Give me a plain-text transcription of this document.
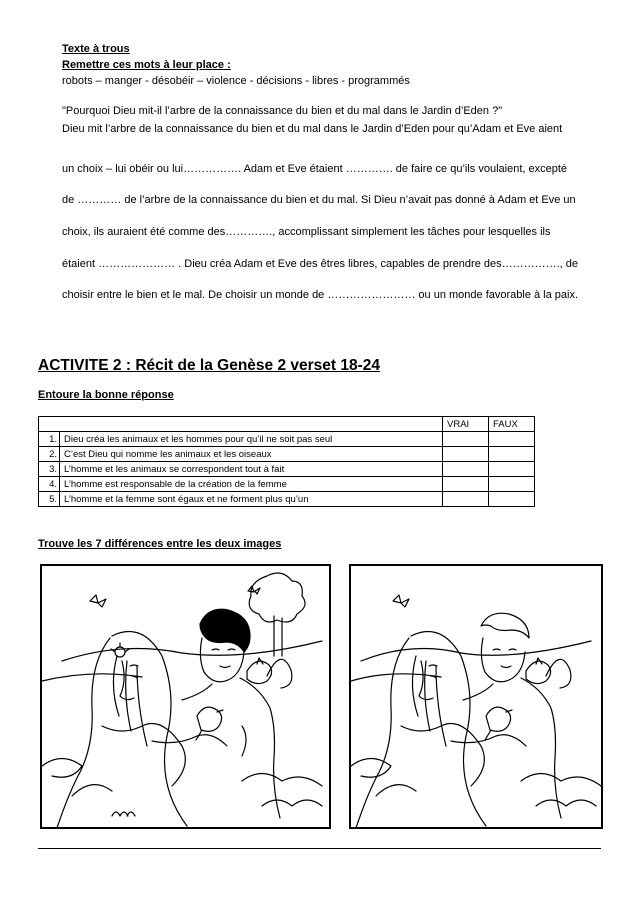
Texte à trous
Remettre ces mots à leur place :
robots – manger - désobéir – violence - décisions - libres - programmés
"Pourquoi Dieu mit-il l’arbre de la connaissance du bien et du mal dans le Jardin d’Eden ?"
Dieu mit l’arbre de la connaissance du bien et du mal dans le Jardin d’Eden pour qu’Adam et Eve aient
un choix – lui obéir ou lui……………. Adam et Eve étaient …………. de faire ce qu’ils voulaient, excepté
de ………… de l’arbre de la connaissance du bien et du mal. Si Dieu n’avait pas donné à Adam et Eve un
choix, ils auraient été comme des…………., accomplissant simplement les tâches pour lesquelles ils
étaient ………………… . Dieu créa Adam et Eve des êtres libres, capables de prendre des……………., de
choisir entre le bien et le mal. De choisir un monde de …………………… ou un monde favorable à la paix.
ACTIVITE 2 : Récit de la Genèse 2 verset 18-24
Entoure la bonne réponse
		VRAI	FAUX
1.	Dieu créa les animaux et les hommes pour qu’il ne soit pas seul		
2.	C’est Dieu qui nomme les animaux et les oiseaux		
3.	L’homme et les animaux se correspondent tout à fait		
4.	L’homme est responsable de la création de la femme		
5.	L’homme et la femme sont égaux et ne forment plus qu’un		
Trouve les 7 différences entre les deux images
